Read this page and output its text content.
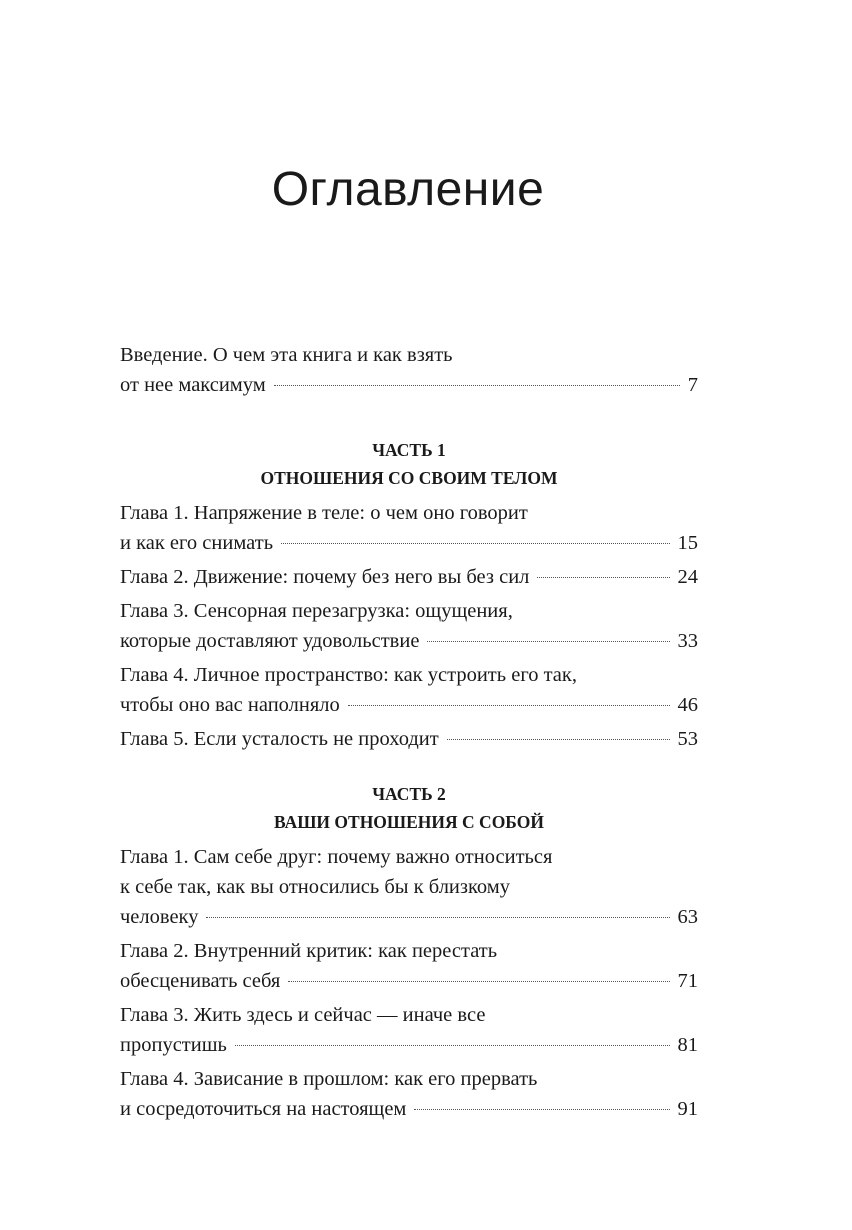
Оглавление
Введение. О чем эта книга и как взять
от нее максимум	7

ЧАСТЬ 1

ОТНОШЕНИЯ СО СВОИМ ТЕЛОМ

Глава 1. Напряжение в теле: о чем оно говорит
и как его снимать	15
Глава 2. Движение: почему без него вы без сил	24
Глава 3. Сенсорная перезагрузка: ощущения,
которые доставляют удовольствие	33
Глава 4. Личное пространство: как устроить его так,
чтобы оно вас наполняло	46
Глава 5. Если усталость не проходит	53

ЧАСТЬ 2

ВАШИ ОТНОШЕНИЯ С СОБОЙ

Глава 1. Сам себе друг: почему важно относиться
к себе так, как вы относились бы к близкому
человеку	63
Глава 2. Внутренний критик: как перестать
обесценивать себя	71
Глава 3. Жить здесь и сейчас — иначе все
пропустишь	81
Глава 4. Зависание в прошлом: как его прервать
и сосредоточиться на настоящем	91
